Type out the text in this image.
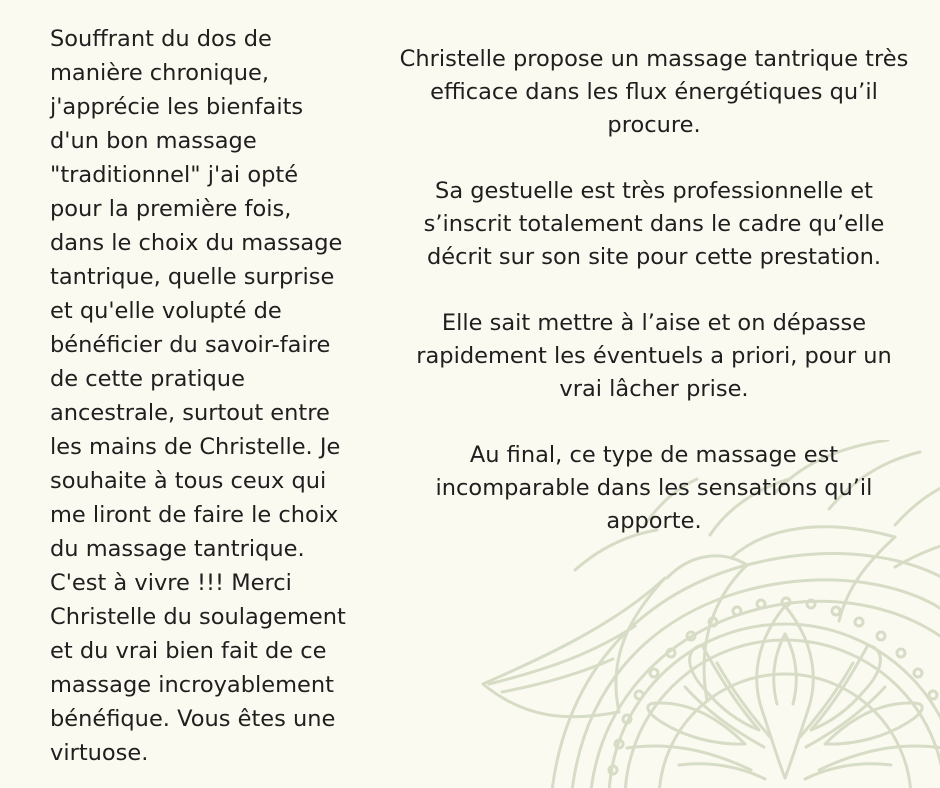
Souffrant du dos de
manière chronique,
j'apprécie les bienfaits
d'un bon massage
"traditionnel" j'ai opté
pour la première fois,
dans le choix du massage
tantrique, quelle surprise
et qu'elle volupté de
bénéficier du savoir-faire
de cette pratique
ancestrale, surtout entre
les mains de Christelle. Je
souhaite à tous ceux qui
me liront de faire le choix
du massage tantrique.
C'est à vivre !!! Merci
Christelle du soulagement
et du vrai bien fait de ce
massage incroyablement
bénéfique. Vous êtes une
virtuose.
Christelle propose un massage tantrique très
efficace dans les flux énergétiques qu’il
procure.
Sa gestuelle est très professionnelle et
s’inscrit totalement dans le cadre qu’elle
décrit sur son site pour cette prestation.
Elle sait mettre à l’aise et on dépasse
rapidement les éventuels a priori, pour un
vrai lâcher prise.
Au final, ce type de massage est
incomparable dans les sensations qu’il
apporte.
